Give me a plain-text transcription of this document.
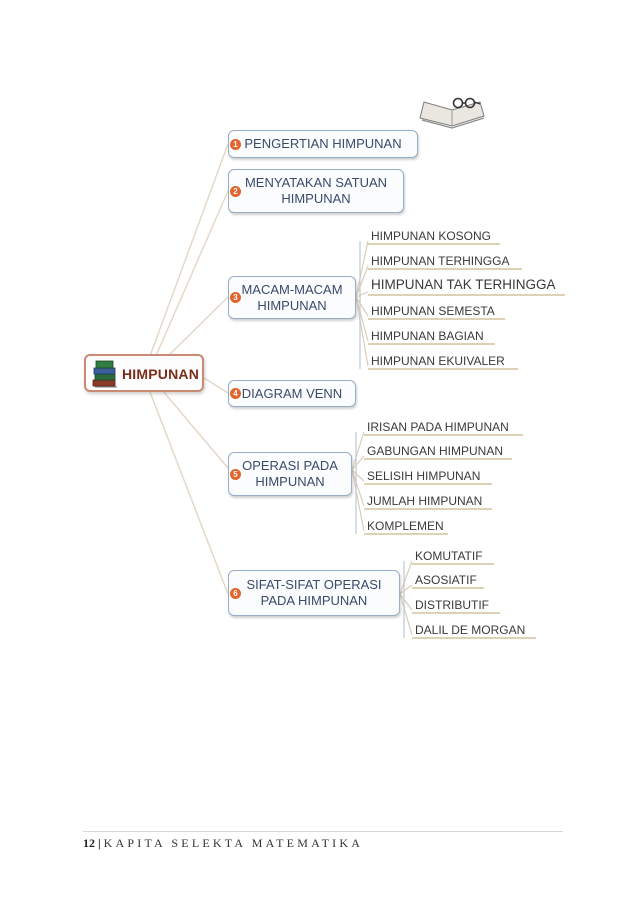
HIMPUNAN
PENGERTIAN HIMPUNAN
1
MENYATAKAN SATUAN
HIMPUNAN
2
MACAM-MACAM
HIMPUNAN
3
DIAGRAM VENN
4
OPERASI PADA
HIMPUNAN
5
SIFAT-SIFAT OPERASI
PADA HIMPUNAN
6
HIMPUNAN KOSONG
HIMPUNAN TERHINGGA
HIMPUNAN TAK TERHINGGA
HIMPUNAN SEMESTA
HIMPUNAN BAGIAN
HIMPUNAN EKUIVALER
IRISAN PADA HIMPUNAN
GABUNGAN HIMPUNAN
SELISIH HIMPUNAN
JUMLAH HIMPUNAN
KOMPLEMEN
KOMUTATIF
ASOSIATIF
DISTRIBUTIF
DALIL DE MORGAN
12 | KAPITA SELEKTA MATEMATIKA
